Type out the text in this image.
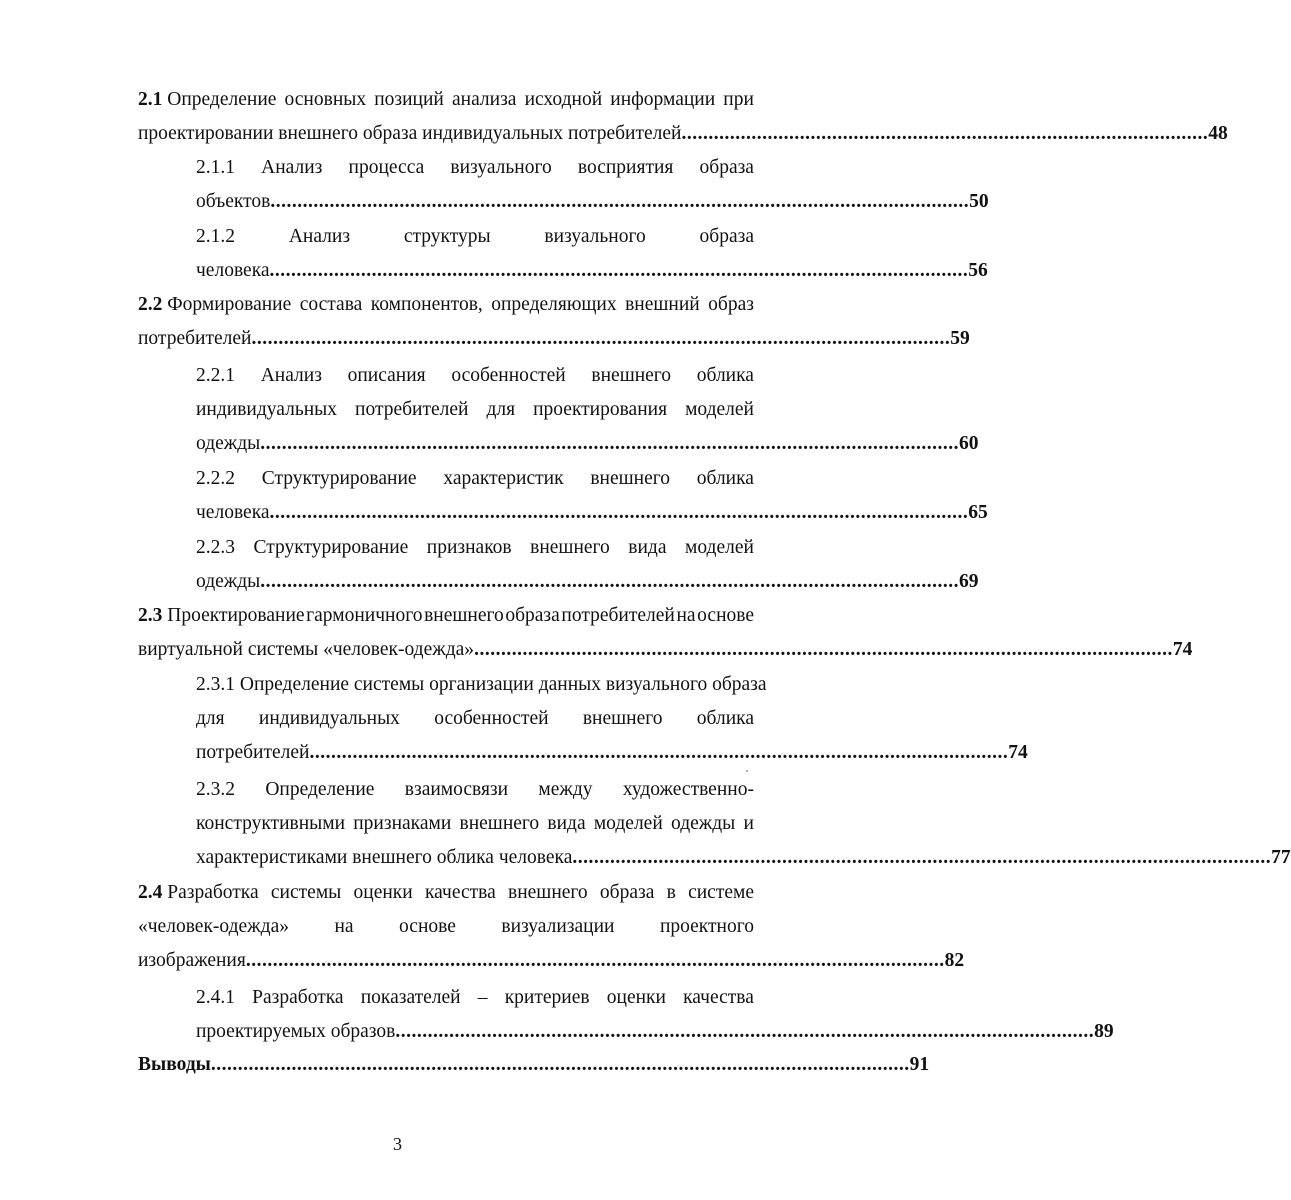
2.1 Определение основных позиций анализа исходной информации при
проектировании внешнего образа индивидуальных потребителей .................................................................................................. 48
2.1.1 Анализ процесса визуального восприятия образа
объектов .................................................................................................................................. 50
2.1.2	Анализ	структуры	визуального	образа
человека .................................................................................................................................. 56
2.2 Формирование состава компонентов, определяющих внешний образ
потребителей .................................................................................................................................. 59
2.2.1 Анализ описания особенностей внешнего облика
индивидуальных потребителей для проектирования моделей
одежды .................................................................................................................................. 60
2.2.2 Структурирование характеристик внешнего облика
человека .................................................................................................................................. 65
2.2.3 Структурирование признаков внешнего вида моделей
одежды .................................................................................................................................. 69
2.3 Проектирование гармоничного внешнего образа потребителей на основе
виртуальной системы «человек-одежда» .................................................................................................................................. 74
2.3.1 Определение системы организации данных визуального образа
для индивидуальных особенностей внешнего облика
потребителей .................................................................................................................................. 74
2.3.2 Определение взаимосвязи между художественно-
конструктивными признаками внешнего вида моделей одежды и
характеристиками внешнего облика человека .................................................................................................................................. 77
2.4 Разработка системы оценки качества внешнего образа в системе
«человек-одежда» на основе визуализации проектного
изображения .................................................................................................................................. 82
2.4.1 Разработка показателей – критериев оценки качества
проектируемых образов .................................................................................................................................. 89
Выводы .................................................................................................................................. 91
3
